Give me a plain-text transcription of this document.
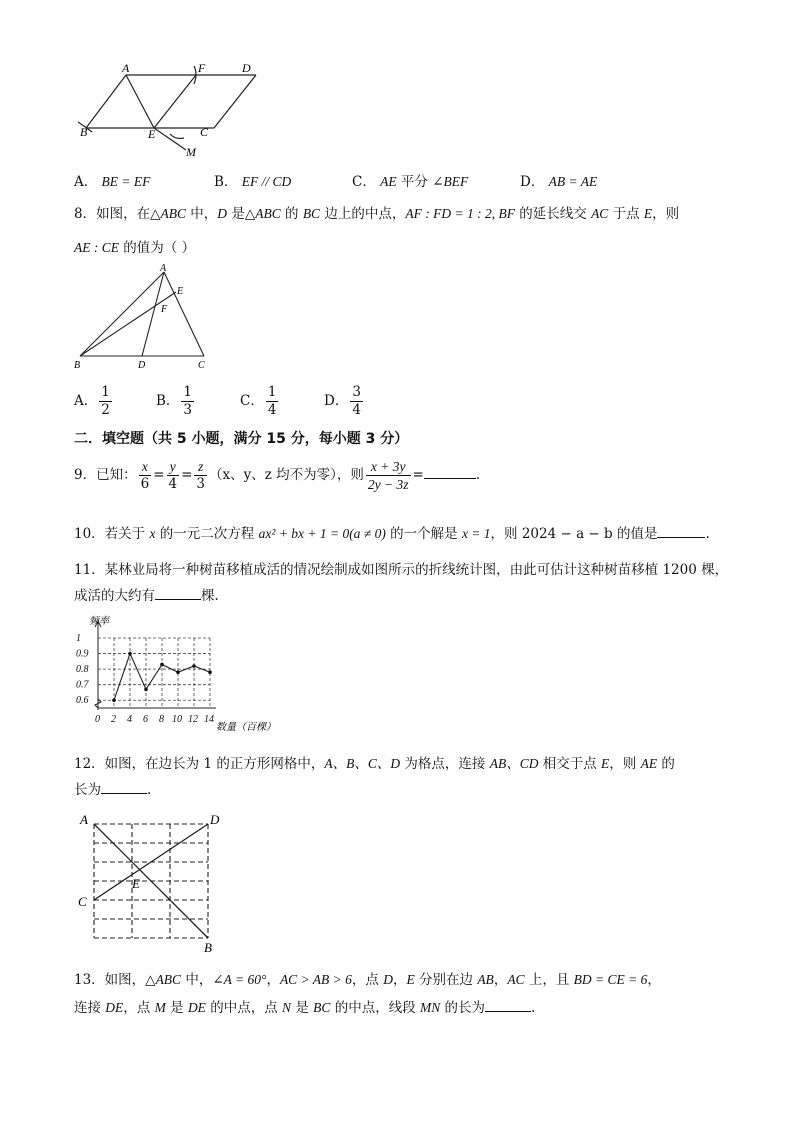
A	F	D
B	E	C
M
A． BE = EF	B． EF // CD	C． AE 平分 ∠BEF	D． AB = AE
8．如图，在△ABC 中，D 是△ABC 的 BC 边上的中点，AF : FD = 1 : 2, BF 的延长线交 AC 于点 E，则
AE : CE 的值为（ ）
A
E
F
B	D	C
A． $\frac{1}{2}$	B． $\frac{1}{3}$	C． $\frac{1}{4}$	D． $\frac{3}{4}$
二．填空题（共 5 小题，满分 15 分，每小题 3 分）
9．已知： $\frac{x}{6} = \frac{y}{4} = \frac{z}{3} (x$、y、z 均不为零），则 $\frac{x + 3y}{2y - 3z}$ =	.
10．若关于 x 的一元二次方程 ax² + bx + 1 = 0(a ≠ 0) 的一个解是 x = 1，则 2024 − a − b 的值是	.
11．某林业局将一种树苗移植成活的情况绘制成如图所示的折线统计图，由此可估计这种树苗移植 1200 棵，
成活的大约有	棵.
0.6
0.7
0.8
0.9
1
0 2 4 6 8 10 12 14
频率
数量（百棵）
12．如图，在边长为 1 的正方形网格中，A、B、C、D 为格点，连接 AB、CD 相交于点 E，则 AE 的
长为	.
A	D
E
C
B
13．如图，△ABC 中，∠A = 60°，AC > AB > 6，点 D，E 分别在边 AB，AC 上，且 BD = CE = 6，
连接 DE，点 M 是 DE 的中点，点 N 是 BC 的中点，线段 MN 的长为	.
